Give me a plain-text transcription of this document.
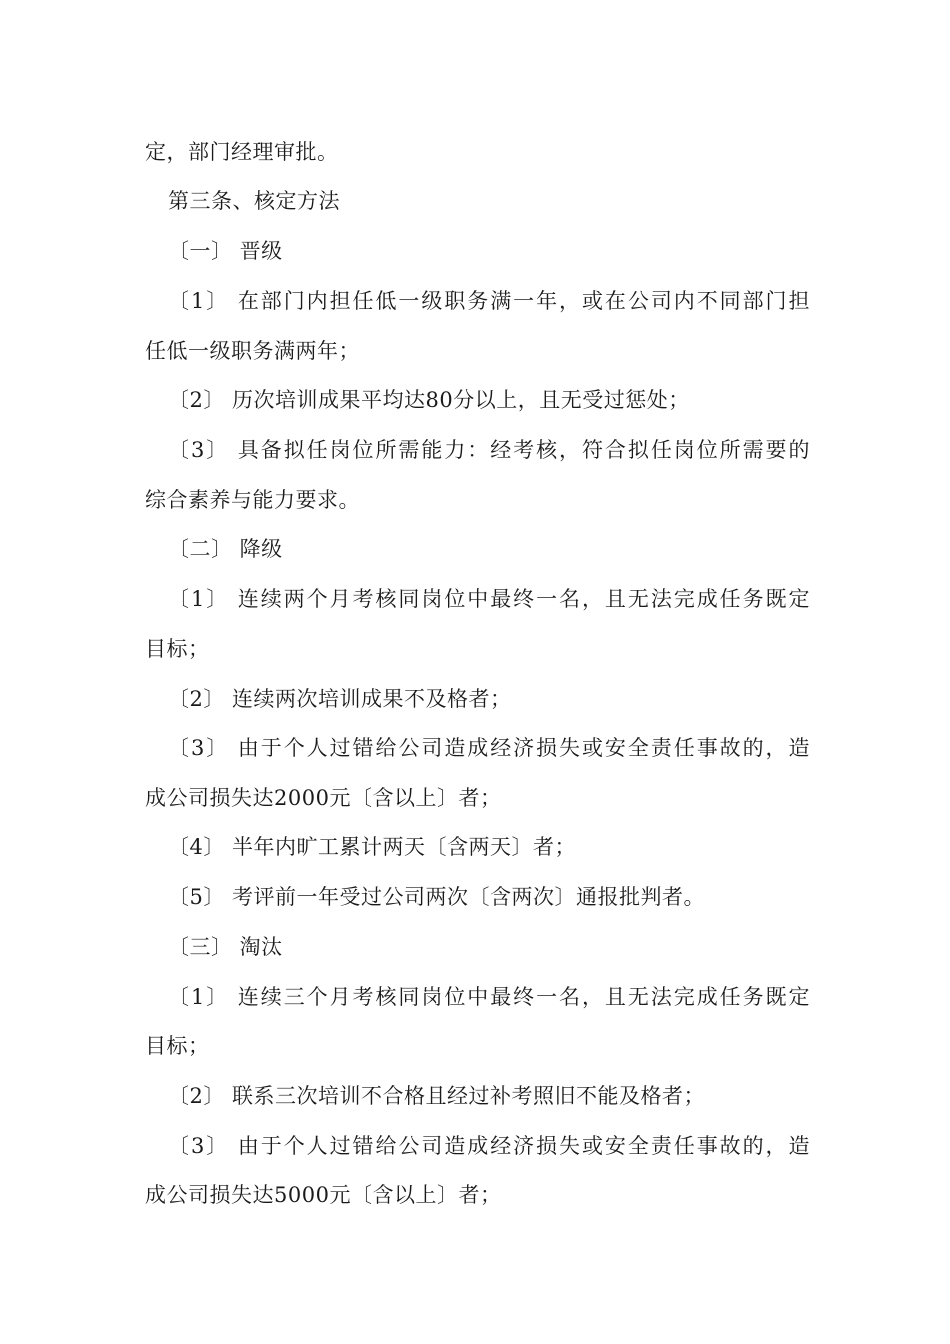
定，部门经理审批。
第三条、核定方法
〔一〕 晋级
〔1〕 在部门内担任低一级职务满一年，或在公司内不同部门担
任低一级职务满两年；
〔2〕 历次培训成果平均达80分以上，且无受过惩处；
〔3〕 具备拟任岗位所需能力：经考核，符合拟任岗位所需要的
综合素养与能力要求。
〔二〕 降级
〔1〕 连续两个月考核同岗位中最终一名，且无法完成任务既定
目标；
〔2〕 连续两次培训成果不及格者；
〔3〕 由于个人过错给公司造成经济损失或安全责任事故的，造
成公司损失达2000元〔含以上〕者；
〔4〕 半年内旷工累计两天〔含两天〕者；
〔5〕 考评前一年受过公司两次〔含两次〕通报批判者。
〔三〕 淘汰
〔1〕 连续三个月考核同岗位中最终一名，且无法完成任务既定
目标；
〔2〕 联系三次培训不合格且经过补考照旧不能及格者；
〔3〕 由于个人过错给公司造成经济损失或安全责任事故的，造
成公司损失达5000元〔含以上〕者；
